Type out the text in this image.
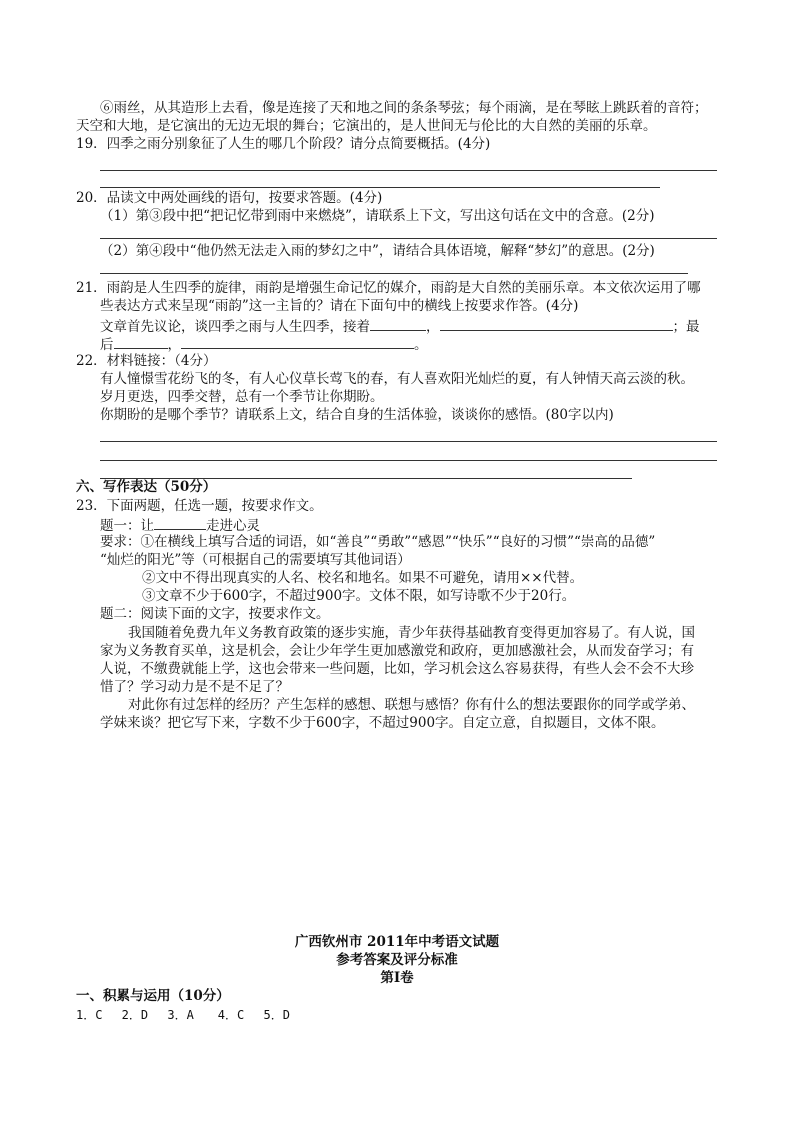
⑥雨丝，从其造形上去看，像是连接了天和地之间的条条琴弦；每个雨滴，是在琴眩上跳跃着的音符；
天空和大地，是它演出的无边无垠的舞台；它演出的，是人世间无与伦比的大自然的美丽的乐章。
19．四季之雨分别象征了人生的哪几个阶段？请分点简要概括。(4分)
20．品读文中两处画线的语句，按要求答题。(4分)
（1）第③段中把“把记忆带到雨中来燃烧”，请联系上下文，写出这句话在文中的含意。(2分)
（2）第④段中“他仍然无法走入雨的梦幻之中”，请结合具体语境，解释“梦幻”的意思。(2分)
21．雨韵是人生四季的旋律，雨韵是增强生命记忆的媒介，雨韵是大自然的美丽乐章。本文依次运用了哪
些表达方式来呈现“雨韵”这一主旨的？请在下面句中的横线上按要求作答。(4分)
文章首先议论，谈四季之雨与人生四季，接着	，	；最
后	，	。
22．材料链接：（4分）
有人憧憬雪花纷飞的冬，有人心仪草长莺飞的春，有人喜欢阳光灿烂的夏，有人钟情天高云淡的秋。
岁月更迭，四季交替，总有一个季节让你期盼。
你期盼的是哪个季节？请联系上文，结合自身的生活体验，谈谈你的感悟。(80字以内)
六、写作表达（50分）
23．下面两题，任选一题，按要求作文。
题一：让	走进心灵
要求：①在横线上填写合适的词语，如“善良”“勇敢”“感恩”“快乐”“良好的习惯”“崇高的品德”
“灿烂的阳光”等（可根据自己的需要填写其他词语）
②文中不得出现真实的人名、校名和地名。如果不可避免，请用××代替。
③文章不少于600字，不超过900字。文体不限，如写诗歌不少于20行。
题二：阅读下面的文字，按要求作文。
我国随着免费九年义务教育政策的逐步实施，青少年获得基础教育变得更加容易了。有人说，国
家为义务教育买单，这是机会，会让少年学生更加感激党和政府，更加感激社会，从而发奋学习；有
人说，不缴费就能上学，这也会带来一些问题，比如，学习机会这么容易获得，有些人会不会不大珍
惜了？学习动力是不是不足了？
对此你有过怎样的经历？产生怎样的感想、联想与感悟？你有什么的想法要跟你的同学或学弟、
学妹来谈？把它写下来，字数不少于600字，不超过900字。自定立意，自拟题目，文体不限。
广西钦州市 2011年中考语文试题
参考答案及评分标准
第Ⅰ卷
一、积累与运用（10分）
1．C　 2．D　 3．A　　4．C　 5．D
